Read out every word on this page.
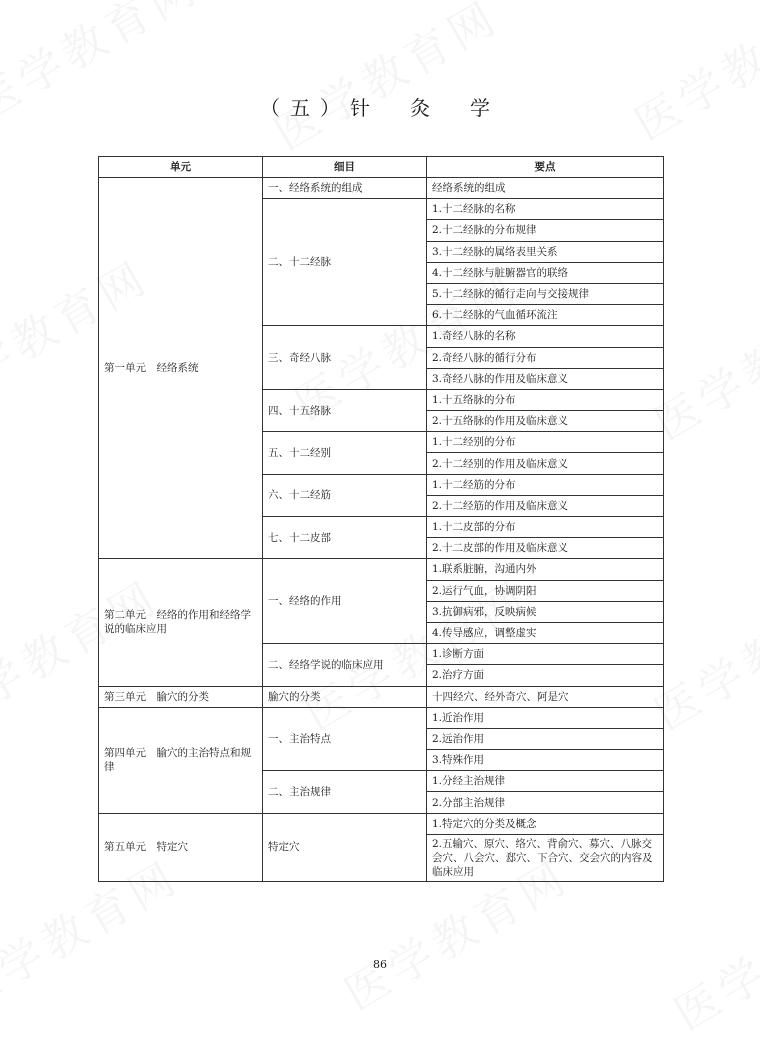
（五）针　灸　学
单元	细目	要点
第一单元　经络系统	一、经络系统的组成	经络系统的组成
	二、十二经脉	1.十二经脉的名称
		2.十二经脉的分布规律
		3.十二经脉的属络表里关系
		4.十二经脉与脏腑器官的联络
		5.十二经脉的循行走向与交接规律
		6.十二经脉的气血循环流注
	三、奇经八脉	1.奇经八脉的名称
		2.奇经八脉的循行分布
		3.奇经八脉的作用及临床意义
	四、十五络脉	1.十五络脉的分布
		2.十五络脉的作用及临床意义
	五、十二经别	1.十二经别的分布
		2.十二经别的作用及临床意义
	六、十二经筋	1.十二经筋的分布
		2.十二经筋的作用及临床意义
	七、十二皮部	1.十二皮部的分布
		2.十二皮部的作用及临床意义
第二单元　经络的作用和经络学说的临床应用	一、经络的作用	1.联系脏腑，沟通内外
		2.运行气血，协调阴阳
		3.抗御病邪，反映病候
		4.传导感应，调整虚实
	二、经络学说的临床应用	1.诊断方面
		2.治疗方面
第三单元　腧穴的分类	腧穴的分类	十四经穴、经外奇穴、阿是穴
第四单元　腧穴的主治特点和规律	一、主治特点	1.近治作用
		2.远治作用
		3.特殊作用
	二、主治规律	1.分经主治规律
		2.分部主治规律
第五单元　特定穴	特定穴	1.特定穴的分类及概念
		2.五输穴、原穴、络穴、背俞穴、募穴、八脉交会穴、八会穴、郄穴、下合穴、交会穴的内容及临床应用
86
